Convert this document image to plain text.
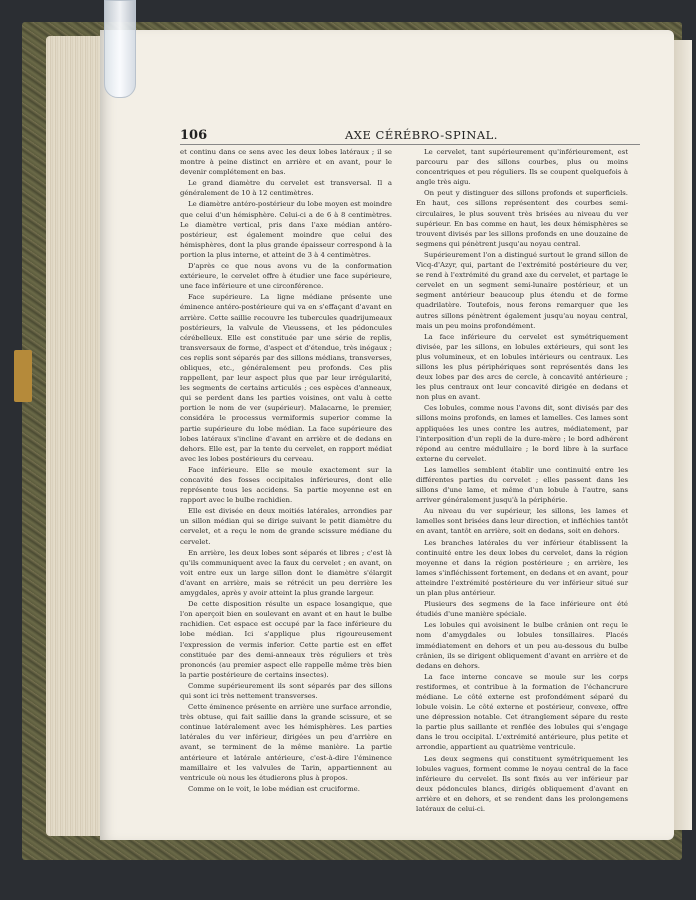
106	AXE CÉRÉBRO-SPINAL.

et continu dans ce sens avec les deux lobes latéraux ; il se montre à peine distinct en arrière et en avant, pour le devenir complétement en bas.

Le grand diamètre du cervelet est transversal. Il a généralement de 10 à 12 centimètres.

Le diamètre antéro-postérieur du lobe moyen est moindre que celui d'un hémisphère. Celui-ci a de 6 à 8 centimètres. Le diamètre vertical, pris dans l'axe médian antéro-postérieur, est également moindre que celui des hémisphères, dont la plus grande épaisseur correspond à la portion la plus interne, et atteint de 3 à 4 centimètres.

D'après ce que nous avons vu de la conformation extérieure, le cervelet offre à étudier une face supérieure, une face inférieure et une circonférence.

Face supérieure. La ligne médiane présente une éminence antéro-postérieure qui va en s'effaçant d'avant en arrière. Cette saillie recouvre les tubercules quadrijumeaux postérieurs, la valvule de Vieussens, et les pédoncules cérébelleux. Elle est constituée par une série de replis, transversaux de forme, d'aspect et d'étendue, très inégaux ; ces replis sont séparés par des sillons médians, transverses, obliques, etc., généralement peu profonds. Ces plis rappellent, par leur aspect plus que par leur irrégularité, les segments de certains articulés ; ces espèces d'anneaux, qui se perdent dans les parties voisines, ont valu à cette portion le nom de ver (supérieur). Malacarne, le premier, considéra le processus vermiformis superior comme la partie supérieure du lobe médian. La face supérieure des lobes latéraux s'incline d'avant en arrière et de dedans en dehors. Elle est, par la tente du cervelet, en rapport médiat avec les lobes postérieurs du cerveau.

Face inférieure. Elle se moule exactement sur la concavité des fosses occipitales inférieures, dont elle représente tous les accidens. Sa partie moyenne est en rapport avec le bulbe rachidien.

Elle est divisée en deux moitiés latérales, arrondies par un sillon médian qui se dirige suivant le petit diamètre du cervelet, et a reçu le nom de grande scissure médiane du cervelet.

En arrière, les deux lobes sont séparés et libres ; c'est là qu'ils communiquent avec la faux du cervelet ; en avant, on voit entre eux un large sillon dont le diamètre s'élargit d'avant en arrière, mais se rétrécit un peu derrière les amygdales, après y avoir atteint la plus grande largeur.

De cette disposition résulte un espace losangique, que l'on aperçoit bien en soulevant en avant et en haut le bulbe rachidien. Cet espace est occupé par la face inférieure du lobe médian. Ici s'applique plus rigoureusement l'expression de vermis inferior. Cette partie est en effet constituée par des demi-anneaux très réguliers et très prononcés (au premier aspect elle rappelle même très bien la partie postérieure de certains insectes).

Comme supérieurement ils sont séparés par des sillons qui sont ici très nettement transverses.

Cette éminence présente en arrière une surface arrondie, très obtuse, qui fait saillie dans la grande scissure, et se continue latéralement avec les hémisphères. Les parties latérales du ver inférieur, dirigées un peu d'arrière en avant, se terminent de la même manière. La partie antérieure et latérale antérieure, c'est-à-dire l'éminence mamillaire et les valvules de Tarin, appartiennent au ventricule où nous les étudierons plus à propos.

Comme on le voit, le lobe médian est cruciforme.

Le cervelet, tant supérieurement qu'inférieurement, est parcouru par des sillons courbes, plus ou moins concentriques et peu réguliers. Ils se coupent quelquefois à angle très aigu.

On peut y distinguer des sillons profonds et superficiels. En haut, ces sillons représentent des courbes semi-circulaires, le plus souvent très brisées au niveau du ver supérieur. En bas comme en haut, les deux hémisphères se trouvent divisés par les sillons profonds en une douzaine de segmens qui pénètrent jusqu'au noyau central.

Supérieurement l'on a distingué surtout le grand sillon de Vicq-d'Azyr, qui, partant de l'extrémité postérieure du ver, se rend à l'extrémité du grand axe du cervelet, et partage le cervelet en un segment semi-lunaire postérieur, et un segment antérieur beaucoup plus étendu et de forme quadrilatère. Toutefois, nous ferons remarquer que les autres sillons pénètrent également jusqu'au noyau central, mais un peu moins profondément.

La face inférieure du cervelet est symétriquement divisée, par les sillons, en lobules extérieurs, qui sont les plus volumineux, et en lobules intérieurs ou centraux. Les sillons les plus périphériques sont représentés dans les deux lobes par des arcs de cercle, à concavité antérieure ; les plus centraux ont leur concavité dirigée en dedans et non plus en avant.

Ces lobules, comme nous l'avons dit, sont divisés par des sillons moins profonds, en lames et lamelles. Ces lames sont appliquées les unes contre les autres, médiatement, par l'interposition d'un repli de la dure-mère ; le bord adhérent répond au centre médullaire ; le bord libre à la surface externe du cervelet.

Les lamelles semblent établir une continuité entre les différentes parties du cervelet ; elles passent dans les sillons d'une lame, et même d'un lobule à l'autre, sans arriver généralement jusqu'à la périphérie.

Au niveau du ver supérieur, les sillons, les lames et lamelles sont brisées dans leur direction, et infléchies tantôt en avant, tantôt en arrière, soit en dedans, soit en dehors.

Les branches latérales du ver inférieur établissent la continuité entre les deux lobes du cervelet, dans la région moyenne et dans la région postérieure ; en arrière, les lames s'infléchissent fortement, en dedans et en avant, pour atteindre l'extrémité postérieure du ver inférieur situé sur un plan plus antérieur.

Plusieurs des segmens de la face inférieure ont été étudiés d'une manière spéciale.

Les lobules qui avoisinent le bulbe crânien ont reçu le nom d'amygdales ou lobules tonsillaires. Placés immédiatement en dehors et un peu au-dessous du bulbe crânien, ils se dirigent obliquement d'avant en arrière et de dedans en dehors.

La face interne concave se moule sur les corps restiformes, et contribue à la formation de l'échancrure médiane. Le côté externe est profondément séparé du lobule voisin. Le côté externe et postérieur, convexe, offre une dépression notable. Cet étranglement sépare du reste la partie plus saillante et renflée des lobules qui s'engage dans le trou occipital. L'extrémité antérieure, plus petite et arrondie, appartient au quatrième ventricule.

Les deux segmens qui constituent symétriquement les lobules vagues, forment comme le noyau central de la face inférieure du cervelet. Ils sont fixés au ver inférieur par deux pédoncules blancs, dirigés obliquement d'avant en arrière et en dehors, et se rendent dans les prolongemens latéraux de celui-ci.
